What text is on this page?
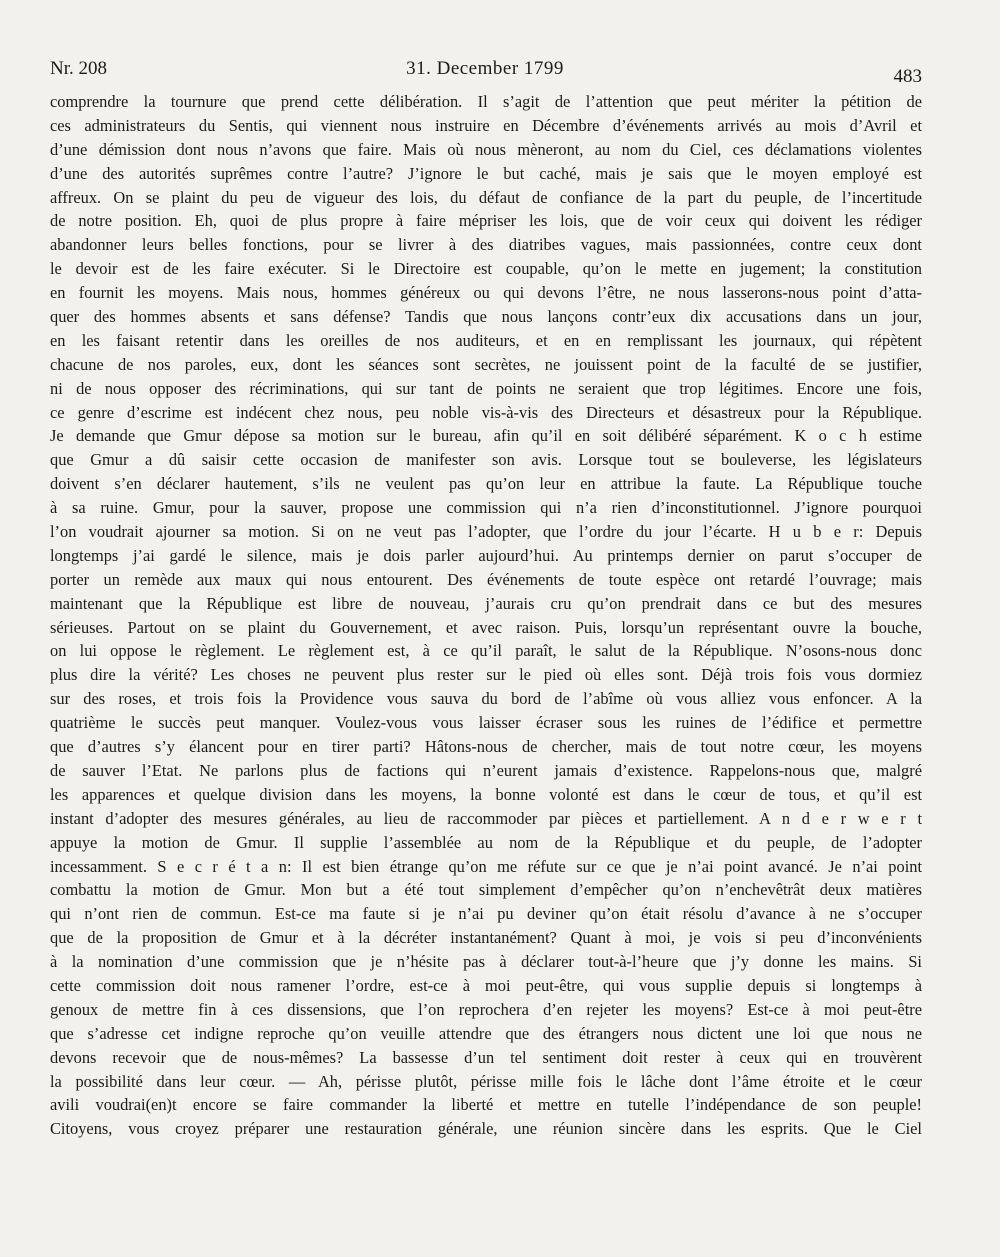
Nr. 208	31. December 1799	483
comprendre la tournure que prend cette délibération. Il s’agit de l’attention que peut mériter la pétition de
ces administrateurs du Sentis, qui viennent nous instruire en Décembre d’événements arrivés au mois d’Avril et
d’une démission dont nous n’avons que faire. Mais où nous mèneront, au nom du Ciel, ces déclamations violentes
d’une des autorités suprêmes contre l’autre? J’ignore le but caché, mais je sais que le moyen employé est
affreux. On se plaint du peu de vigueur des lois, du défaut de confiance de la part du peuple, de l’incertitude
de notre position. Eh, quoi de plus propre à faire mépriser les lois, que de voir ceux qui doivent les rédiger
abandonner leurs belles fonctions, pour se livrer à des diatribes vagues, mais passionnées, contre ceux dont
le devoir est de les faire exécuter. Si le Directoire est coupable, qu’on le mette en jugement; la constitution
en fournit les moyens. Mais nous, hommes généreux ou qui devons l’être, ne nous lasserons-nous point d’atta-
quer des hommes absents et sans défense? Tandis que nous lançons contr’eux dix accusations dans un jour,
en les faisant retentir dans les oreilles de nos auditeurs, et en en remplissant les journaux, qui répètent
chacune de nos paroles, eux, dont les séances sont secrètes, ne jouissent point de la faculté de se justifier,
ni de nous opposer des récriminations, qui sur tant de points ne seraient que trop légitimes. Encore une fois,
ce genre d’escrime est indécent chez nous, peu noble vis-à-vis des Directeurs et désastreux pour la République.
Je demande que Gmur dépose sa motion sur le bureau, afin qu’il en soit délibéré séparément. K o c h estime
que Gmur a dû saisir cette occasion de manifester son avis. Lorsque tout se bouleverse, les législateurs
doivent s’en déclarer hautement, s’ils ne veulent pas qu’on leur en attribue la faute. La République touche
à sa ruine. Gmur, pour la sauver, propose une commission qui n’a rien d’inconstitutionnel. J’ignore pourquoi
l’on voudrait ajourner sa motion. Si on ne veut pas l’adopter, que l’ordre du jour l’écarte. H u b e r: Depuis
longtemps j’ai gardé le silence, mais je dois parler aujourd’hui. Au printemps dernier on parut s’occuper de
porter un remède aux maux qui nous entourent. Des événements de toute espèce ont retardé l’ouvrage; mais
maintenant que la République est libre de nouveau, j’aurais cru qu’on prendrait dans ce but des mesures
sérieuses. Partout on se plaint du Gouvernement, et avec raison. Puis, lorsqu’un représentant ouvre la bouche,
on lui oppose le règlement. Le règlement est, à ce qu’il paraît, le salut de la République. N’osons-nous donc
plus dire la vérité? Les choses ne peuvent plus rester sur le pied où elles sont. Déjà trois fois vous dormiez
sur des roses, et trois fois la Providence vous sauva du bord de l’abîme où vous alliez vous enfoncer. A la
quatrième le succès peut manquer. Voulez-vous vous laisser écraser sous les ruines de l’édifice et permettre
que d’autres s’y élancent pour en tirer parti? Hâtons-nous de chercher, mais de tout notre cœur, les moyens
de sauver l’Etat. Ne parlons plus de factions qui n’eurent jamais d’existence. Rappelons-nous que, malgré
les apparences et quelque division dans les moyens, la bonne volonté est dans le cœur de tous, et qu’il est
instant d’adopter des mesures générales, au lieu de raccommoder par pièces et partiellement. A n d e r w e r t
appuye la motion de Gmur. Il supplie l’assemblée au nom de la République et du peuple, de l’adopter
incessamment. S e c r é t a n: Il est bien étrange qu’on me réfute sur ce que je n’ai point avancé. Je n’ai point
combattu la motion de Gmur. Mon but a été tout simplement d’empêcher qu’on n’enchevêtrât deux matières
qui n’ont rien de commun. Est-ce ma faute si je n’ai pu deviner qu’on était résolu d’avance à ne s’occuper
que de la proposition de Gmur et à la décréter instantanément? Quant à moi, je vois si peu d’inconvénients
à la nomination d’une commission que je n’hésite pas à déclarer tout-à-l’heure que j’y donne les mains. Si
cette commission doit nous ramener l’ordre, est-ce à moi peut-être, qui vous supplie depuis si longtemps à
genoux de mettre fin à ces dissensions, que l’on reprochera d’en rejeter les moyens? Est-ce à moi peut-être
que s’adresse cet indigne reproche qu’on veuille attendre que des étrangers nous dictent une loi que nous ne
devons recevoir que de nous-mêmes? La bassesse d’un tel sentiment doit rester à ceux qui en trouvèrent
la possibilité dans leur cœur. — Ah, périsse plutôt, périsse mille fois le lâche dont l’âme étroite et le cœur
avili voudrai(en)t encore se faire commander la liberté et mettre en tutelle l’indépendance de son peuple!
Citoyens, vous croyez préparer une restauration générale, une réunion sincère dans les esprits. Que le Ciel
